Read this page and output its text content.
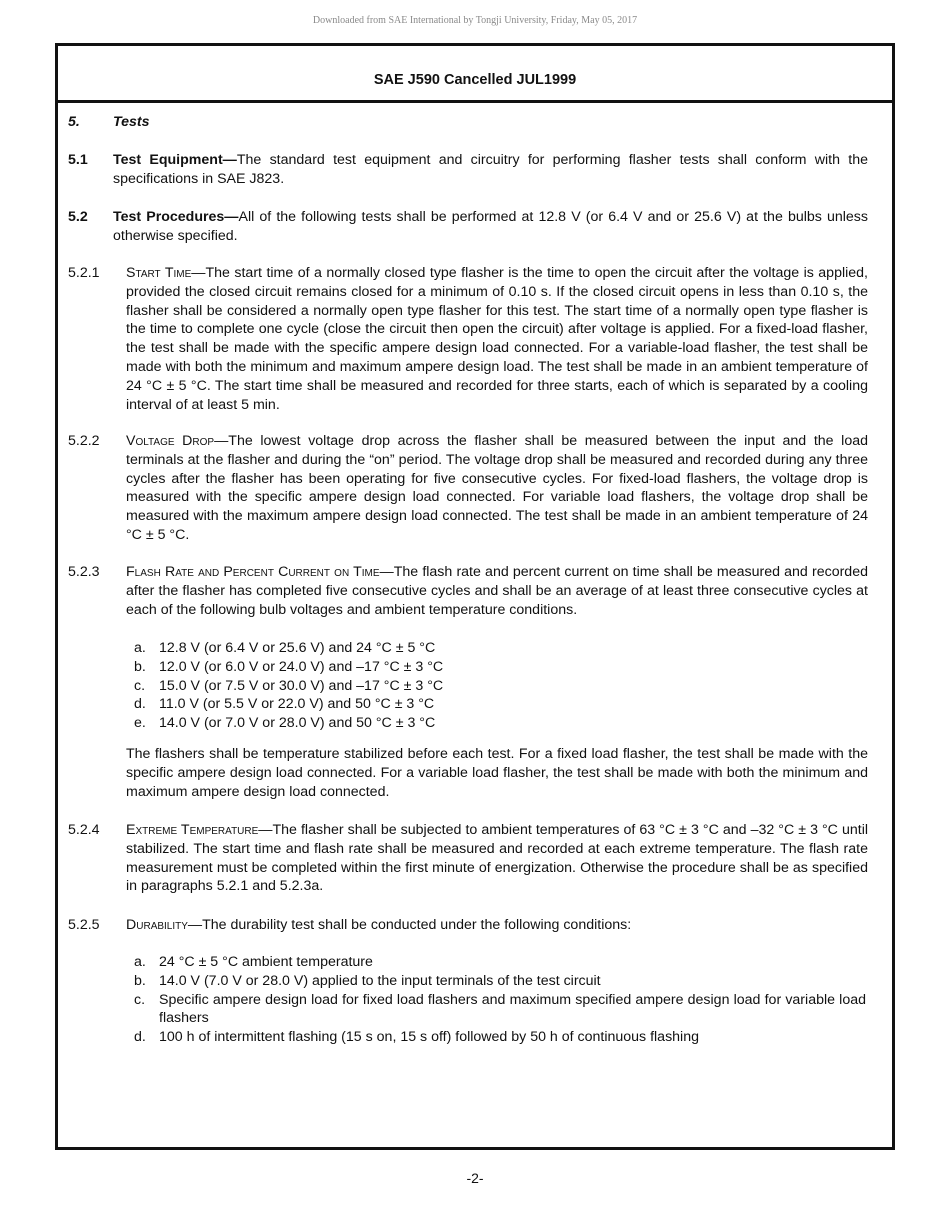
Downloaded from SAE International by Tongji University, Friday, May 05, 2017
SAE J590 Cancelled JUL1999
5. Tests
5.1 Test Equipment—The standard test equipment and circuitry for performing flasher tests shall conform with the specifications in SAE J823.
5.2 Test Procedures—All of the following tests shall be performed at 12.8 V (or 6.4 V and or 25.6 V) at the bulbs unless otherwise specified.
5.2.1 Start Time—The start time of a normally closed type flasher is the time to open the circuit after the voltage is applied, provided the closed circuit remains closed for a minimum of 0.10 s. If the closed circuit opens in less than 0.10 s, the flasher shall be considered a normally open type flasher for this test. The start time of a normally open type flasher is the time to complete one cycle (close the circuit then open the circuit) after voltage is applied. For a fixed-load flasher, the test shall be made with the specific ampere design load connected. For a variable-load flasher, the test shall be made with both the minimum and maximum ampere design load. The test shall be made in an ambient temperature of 24 °C ± 5 °C. The start time shall be measured and recorded for three starts, each of which is separated by a cooling interval of at least 5 min.
5.2.2 Voltage Drop—The lowest voltage drop across the flasher shall be measured between the input and the load terminals at the flasher and during the “on” period. The voltage drop shall be measured and recorded during any three cycles after the flasher has been operating for five consecutive cycles. For fixed-load flashers, the voltage drop is measured with the specific ampere design load connected. For variable load flashers, the voltage drop shall be measured with the maximum ampere design load connected. The test shall be made in an ambient temperature of 24 °C ± 5 °C.
5.2.3 Flash Rate and Percent Current on Time—The flash rate and percent current on time shall be measured and recorded after the flasher has completed five consecutive cycles and shall be an average of at least three consecutive cycles at each of the following bulb voltages and ambient temperature conditions.
a. 12.8 V (or 6.4 V or 25.6 V) and 24 °C ± 5 °C
b. 12.0 V (or 6.0 V or 24.0 V) and –17 °C ± 3 °C
c. 15.0 V (or 7.5 V or 30.0 V) and –17 °C ± 3 °C
d. 11.0 V (or 5.5 V or 22.0 V) and 50 °C ± 3 °C
e. 14.0 V (or 7.0 V or 28.0 V) and 50 °C ± 3 °C
The flashers shall be temperature stabilized before each test. For a fixed load flasher, the test shall be made with the specific ampere design load connected. For a variable load flasher, the test shall be made with both the minimum and maximum ampere design load connected.
5.2.4 Extreme Temperature—The flasher shall be subjected to ambient temperatures of 63 °C ± 3 °C and –32 °C ± 3 °C until stabilized. The start time and flash rate shall be measured and recorded at each extreme temperature. The flash rate measurement must be completed within the first minute of energization. Otherwise the procedure shall be as specified in paragraphs 5.2.1 and 5.2.3a.
5.2.5 Durability—The durability test shall be conducted under the following conditions:
a. 24 °C ± 5 °C ambient temperature
b. 14.0 V (7.0 V or 28.0 V) applied to the input terminals of the test circuit
c. Specific ampere design load for fixed load flashers and maximum specified ampere design load for variable load flashers
d. 100 h of intermittent flashing (15 s on, 15 s off) followed by 50 h of continuous flashing
-2-
